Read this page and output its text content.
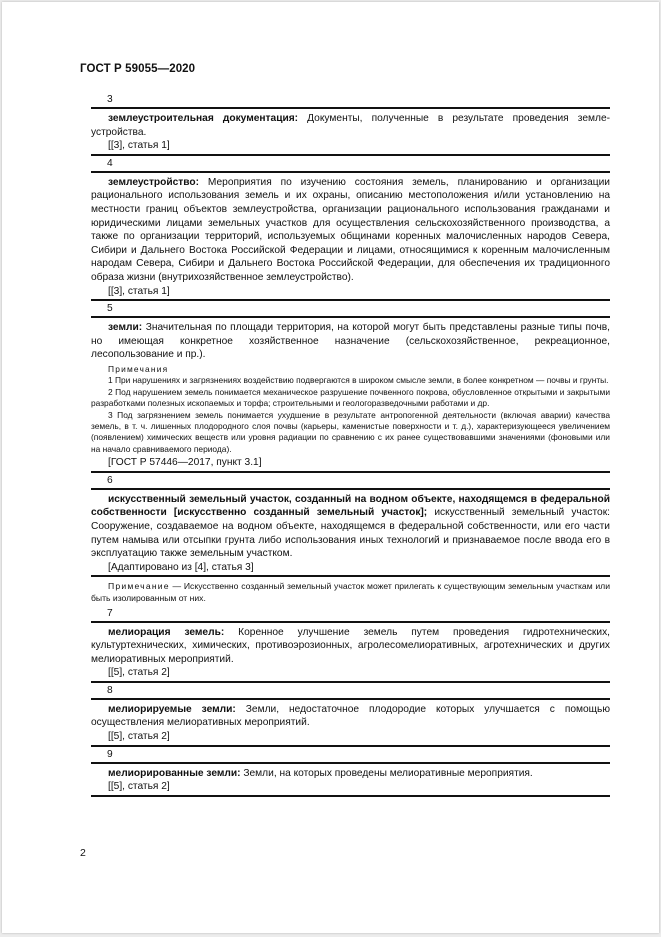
ГОСТ Р 59055—2020
3

землеустроительная документация: Документы, полученные в результате проведения земле-устройства.

[[3], статья 1]
4

землеустройство: Мероприятия по изучению состояния земель, планированию и организации рационального использования земель и их охраны, описанию местоположения и/или установлению на местности границ объектов землеустройства, организации рационального использования гражданами и юридическими лицами земельных участков для осуществления сельскохозяйственного производства, а также по организации территорий, используемых общинами коренных малочисленных народов Севера, Сибири и Дальнего Востока Российской Федерации и лицами, относящимися к коренным малочисленным народам Севера, Сибири и Дальнего Востока Российской Федерации, для обеспечения их традиционного образа жизни (внутрихозяйственное землеустройство).

[[3], статья 1]
5

земли: Значительная по площади территория, на которой могут быть представлены разные типы почв, но имеющая конкретное хозяйственное назначение (сельскохозяйственное, рекреационное, лесопользование и пр.).

Примечания

1 При нарушениях и загрязнениях воздействию подвергаются в широком смысле земли, в более конкретном — почвы и грунты.

2 Под нарушением земель понимается механическое разрушение почвенного покрова, обусловленное открытыми и закрытыми разработками полезных ископаемых и торфа; строительными и геологоразведочными работами и др.

3 Под загрязнением земель понимается ухудшение в результате антропогенной деятельности (включая аварии) качества земель, в т. ч. лишенных плодородного слоя почвы (карьеры, каменистые поверхности и т. д.), характеризующееся увеличением (появлением) химических веществ или уровня радиации по сравнению с их ранее существовавшими значениями (фоновыми или на начало сравниваемого периода).

[ГОСТ Р 57446—2017, пункт 3.1]
6

искусственный земельный участок, созданный на водном объекте, находящемся в федеральной собственности [искусственно созданный земельный участок]; искусственный земельный участок: Сооружение, создаваемое на водном объекте, находящемся в федеральной собственности, или его части путем намыва или отсыпки грунта либо использования иных технологий и признаваемое после ввода его в эксплуатацию также земельным участком.

[Адаптировано из [4], статья 3]

Примечание — Искусственно созданный земельный участок может прилегать к существующим земельным участкам или быть изолированным от них.

7

мелиорация земель: Коренное улучшение земель путем проведения гидротехнических, культуртехнических, химических, противоэрозионных, агролесомелиоративных, агротехнических и других мелиоративных мероприятий.

[[5], статья 2]
8

мелиорируемые земли: Земли, недостаточное плодородие которых улучшается с помощью осуществления мелиоративных мероприятий.

[[5], статья 2]
9

мелиорированные земли: Земли, на которых проведены мелиоративные мероприятия.

[[5], статья 2]
2
